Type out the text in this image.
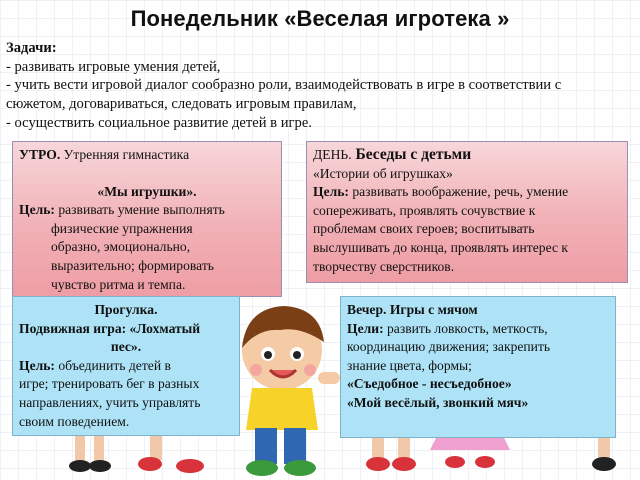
Понедельник «Веселая игротека »
Задачи:
- развивать игровые умения детей,
- учить вести игровой диалог сообразно роли, взаимодействовать в игре в соответствии с
сюжетом, договариваться, следовать игровым правилам,
- осуществить социальное развитие детей в игре.
УТРО. Утренняя гимнастика
«Мы игрушки».
Цель: развивать умение выполнять
физические упражнения
образно, эмоционально,
выразительно; формировать
чувство ритма и темпа.
ДЕНЬ. Беседы с детьми
«Истории об игрушках»
Цель: развивать воображение, речь, умение
сопереживать, проявлять сочувствие к
проблемам своих героев; воспитывать
выслушивать до конца, проявлять интерес к
творчеству сверстников.
Прогулка.
Подвижная игра: «Лохматый
пес».
Цель: объединить детей в
игре; тренировать бег в разных
направлениях, учить управлять
своим поведением.
Вечер. Игры с мячом
Цели: развить ловкость, меткость,
координацию движения; закрепить
знание цвета, формы;
«Съедобное - несъедобное»
«Мой весёлый, звонкий мяч»
